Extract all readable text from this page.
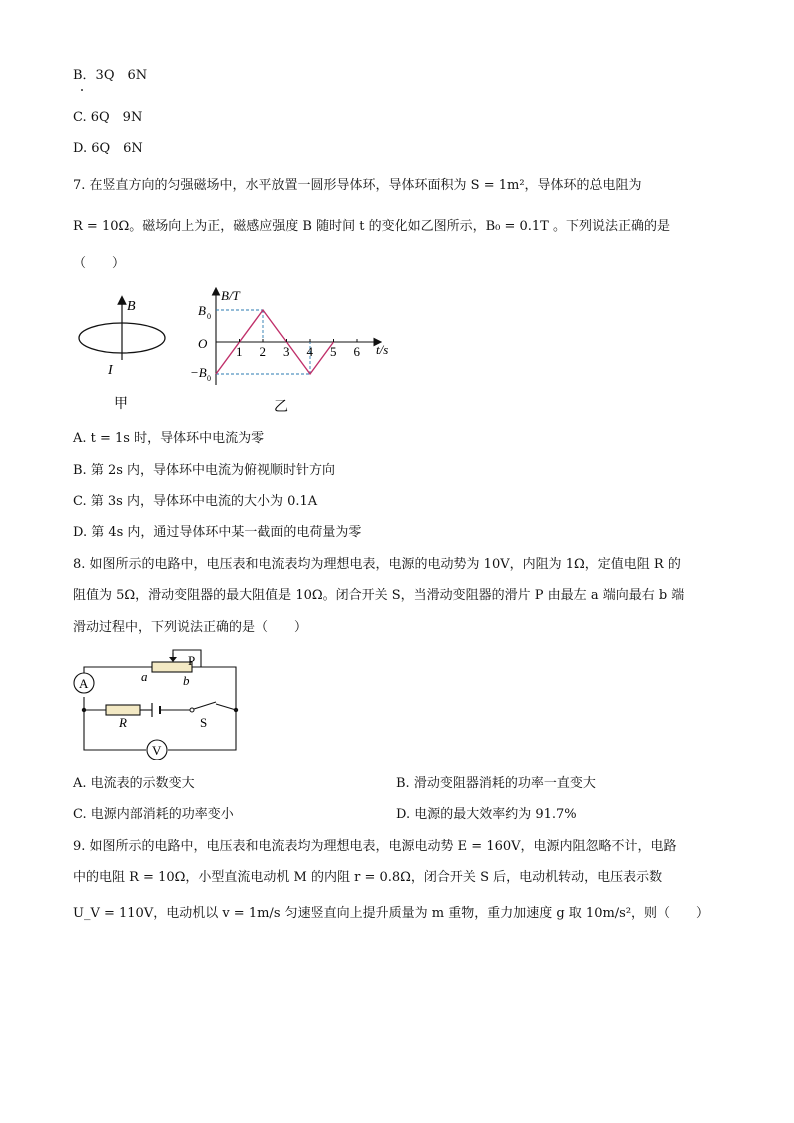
B．3Q　6N
C. 6Q　9N
D. 6Q　6N
7. 在竖直方向的匀强磁场中，水平放置一圆形导体环，导体环面积为 S = 1m²，导体环的总电阻为
R = 10Ω。磁场向上为正，磁感应强度 B 随时间 t 的变化如乙图所示，B₀ = 0.1T 。下列说法正确的是
（　　）
B
I
甲
B/T
t/s
O
B 0
−B 0
1 2 3 4 5 6
乙
A. t = 1s 时，导体环中电流为零
B. 第 2s 内，导体环中电流为俯视顺时针方向
C. 第 3s 内，导体环中电流的大小为 0.1A
D. 第 4s 内，通过导体环中某一截面的电荷量为零
8. 如图所示的电路中，电压表和电流表均为理想电表，电源的电动势为 10V，内阻为 1Ω，定值电阻 R 的
阻值为 5Ω，滑动变阻器的最大阻值是 10Ω。闭合开关 S，当滑动变阻器的滑片 P 由最左 a 端向最右 b 端
滑动过程中，下列说法正确的是（　　）
A
V
P
a	b
R	S
A. 电流表的示数变大	B. 滑动变阻器消耗的功率一直变大
C. 电源内部消耗的功率变小	D. 电源的最大效率约为 91.7%
9. 如图所示的电路中，电压表和电流表均为理想电表，电源电动势 E = 160V，电源内阻忽略不计，电路
中的电阻 R = 10Ω，小型直流电动机 M 的内阻 r = 0.8Ω，闭合开关 S 后，电动机转动，电压表示数
U_V = 110V，电动机以 v = 1m/s 匀速竖直向上提升质量为 m 重物，重力加速度 g 取 10m/s²，则（　　）
